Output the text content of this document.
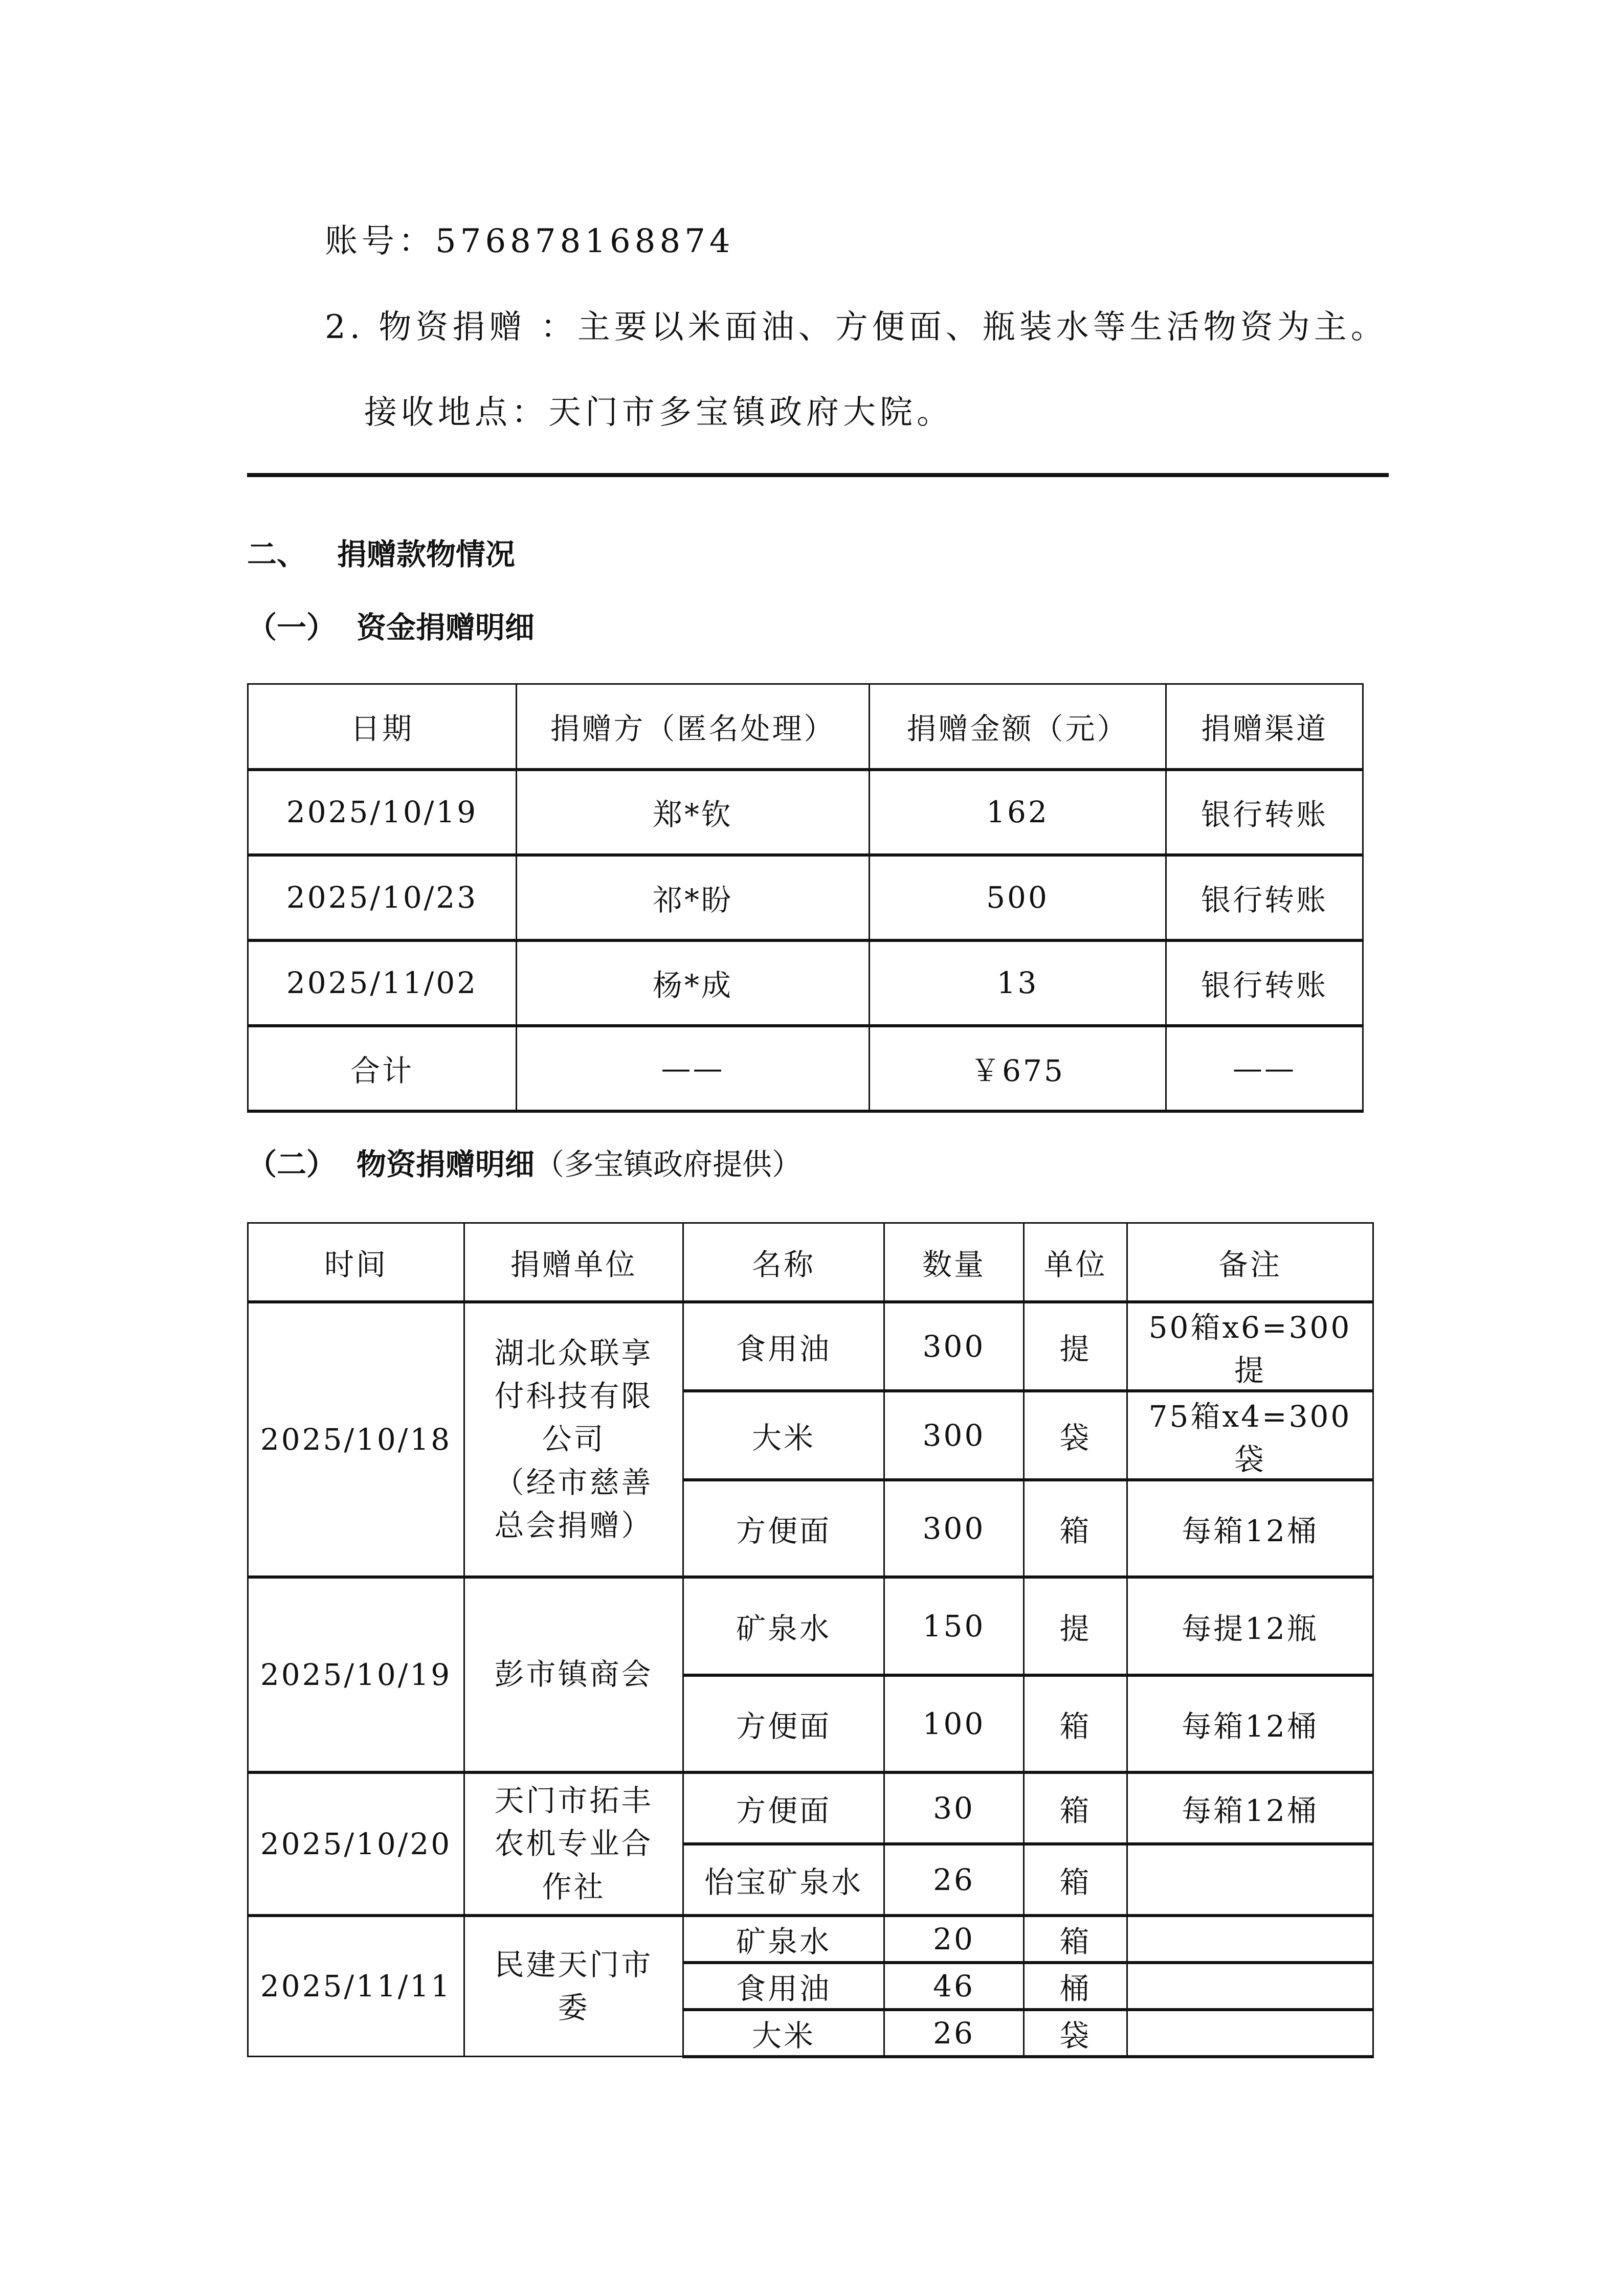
账号：576878168874
2. 物资捐赠 ：主要以米面油、方便面、瓶装水等生活物资为主。
接收地点：天门市多宝镇政府大院。
二、 捐赠款物情况
（一） 资金捐赠明细
日期	捐赠方（匿名处理）	捐赠金额（元）	捐赠渠道
2025/10/19	郑*钦	162	银行转账
2025/10/23	祁*盼	500	银行转账
2025/11/02	杨*成	13	银行转账
合计	——	￥675	——
（二） 物资捐赠明细（多宝镇政府提供）
时间	捐赠单位	名称	数量	单位	备注
2025/10/18	湖北众联享
付科技有限
公司
（经市慈善
总会捐赠）	食用油	300	提	50箱x6=300提
		大米	300	袋	75箱x4=300袋
		方便面	300	箱	每箱12桶
2025/10/19	彭市镇商会	矿泉水	150	提	每提12瓶
		方便面	100	箱	每箱12桶
2025/10/20	天门市拓丰
农机专业合
作社	方便面	30	箱	每箱12桶
		怡宝矿泉水	26	箱	
2025/11/11	民建天门市
委	矿泉水	20	箱	
		食用油	46	桶	
		大米	26	袋	
